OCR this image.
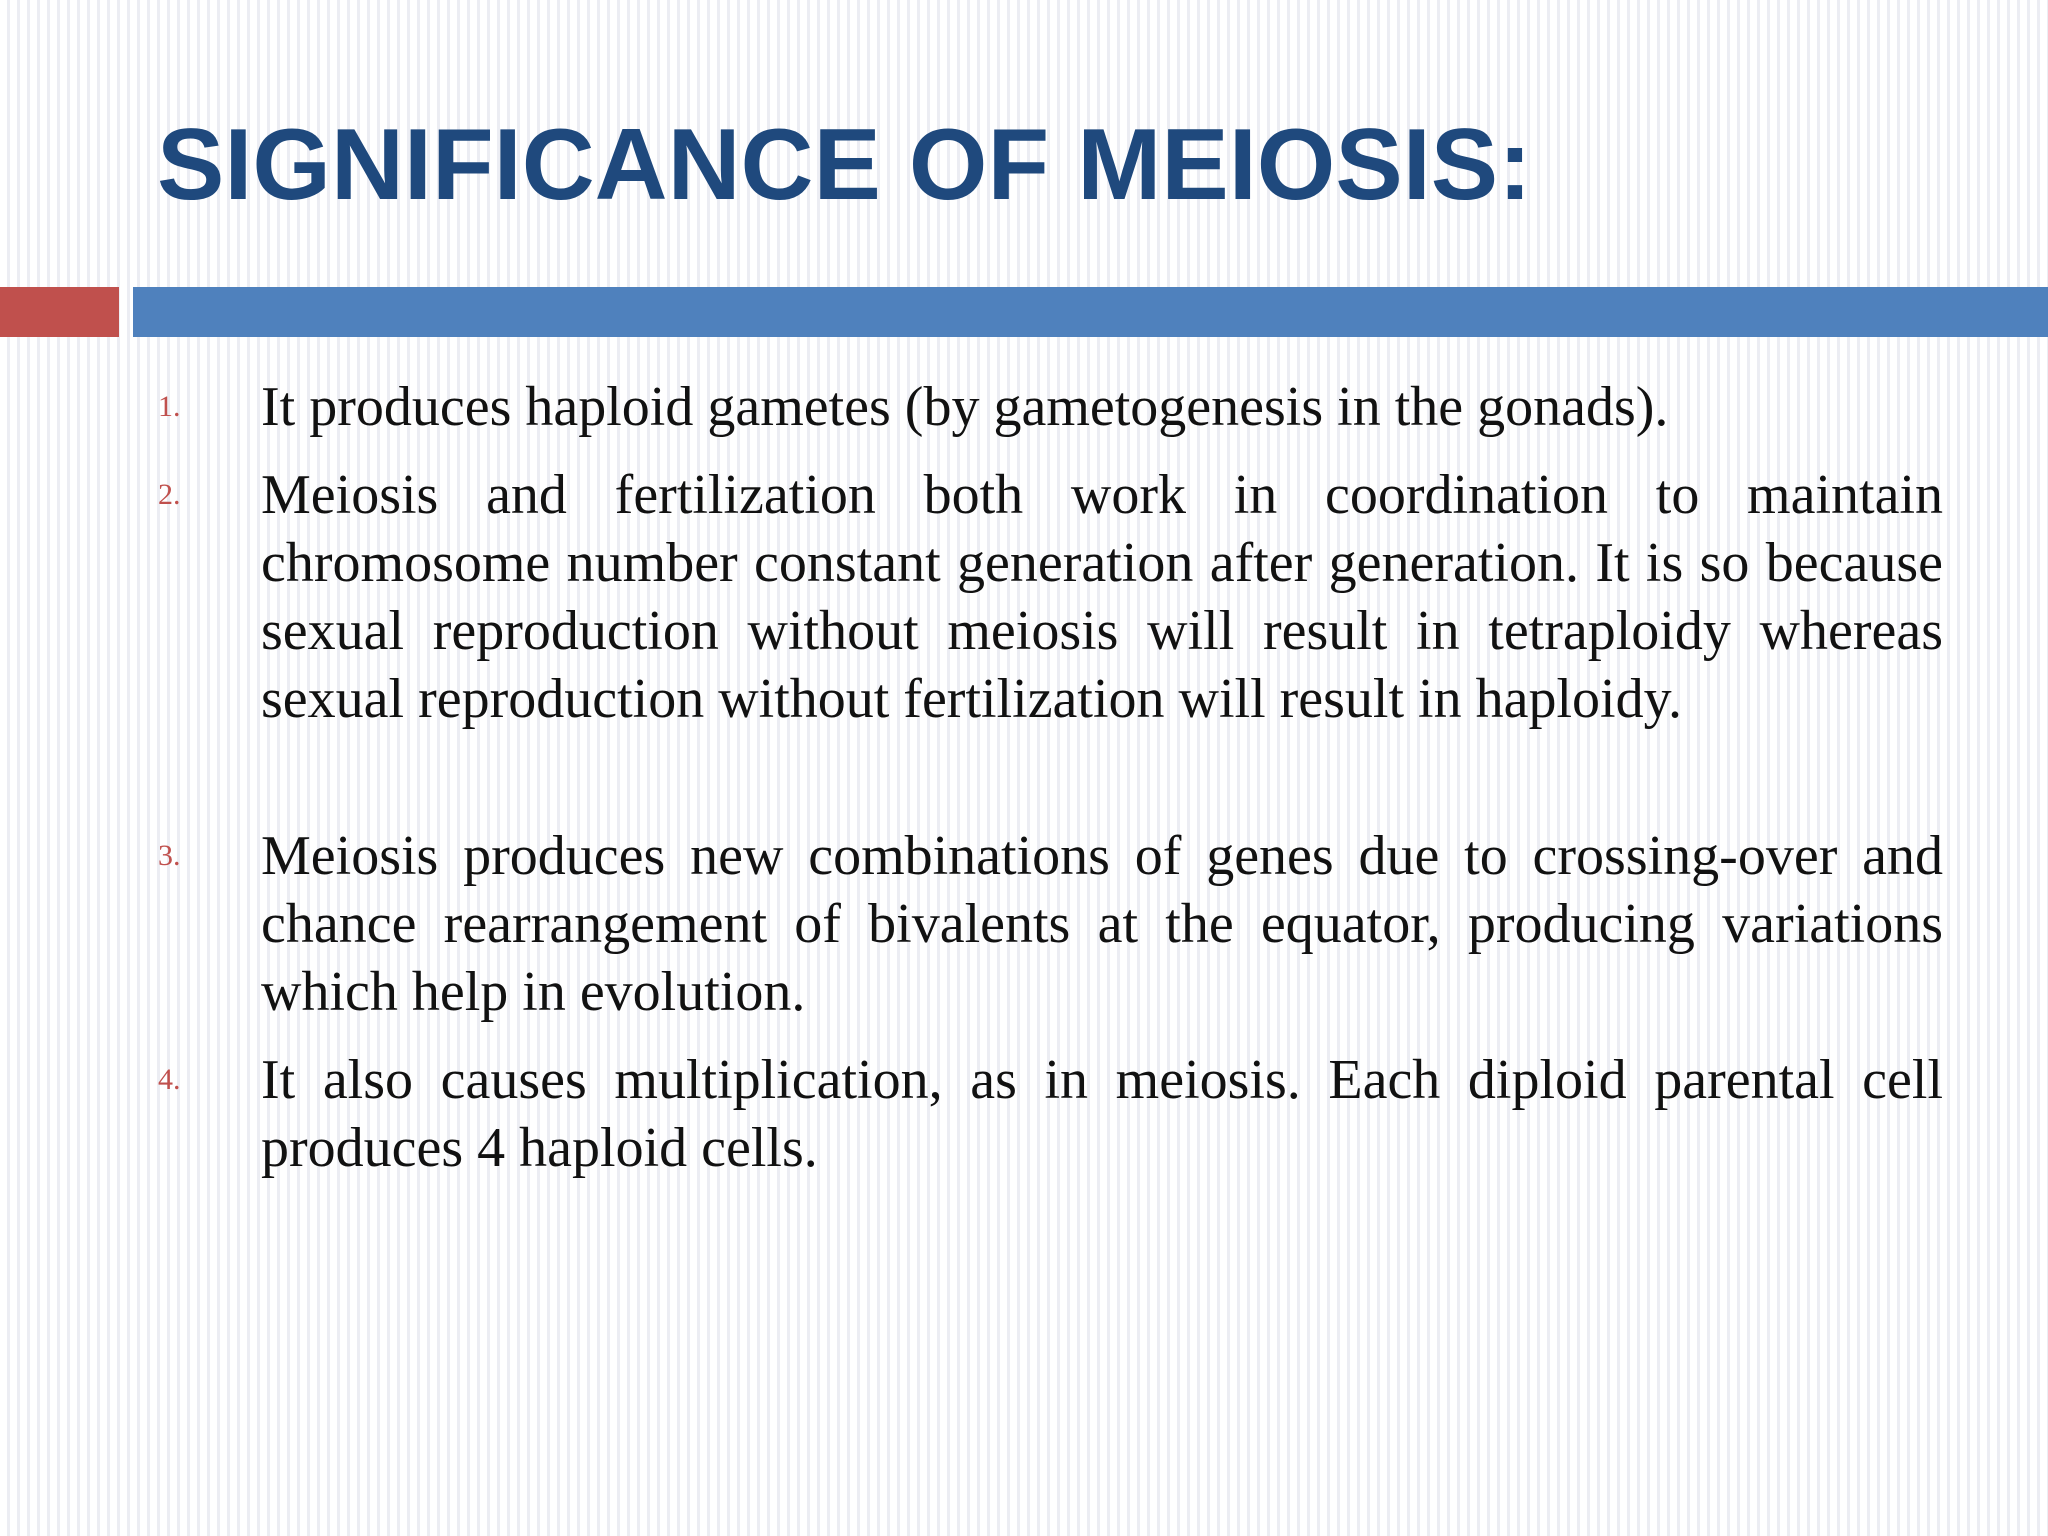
SIGNIFICANCE OF MEIOSIS:
1. It produces haploid gametes (by gametogenesis in the gonads).

2. Meiosis and fertilization both work in coordination to maintain chromosome number constant generation after generation. It is so because sexual reproduction without meiosis will result in tetraploidy whereas sexual reproduction without fertilization will result in haploidy.

3. Meiosis produces new combinations of genes due to crossing-over and chance rearrangement of bivalents at the equator, producing variations which help in evolution.

4. It also causes multiplication, as in meiosis. Each diploid parental cell produces 4 haploid cells.
